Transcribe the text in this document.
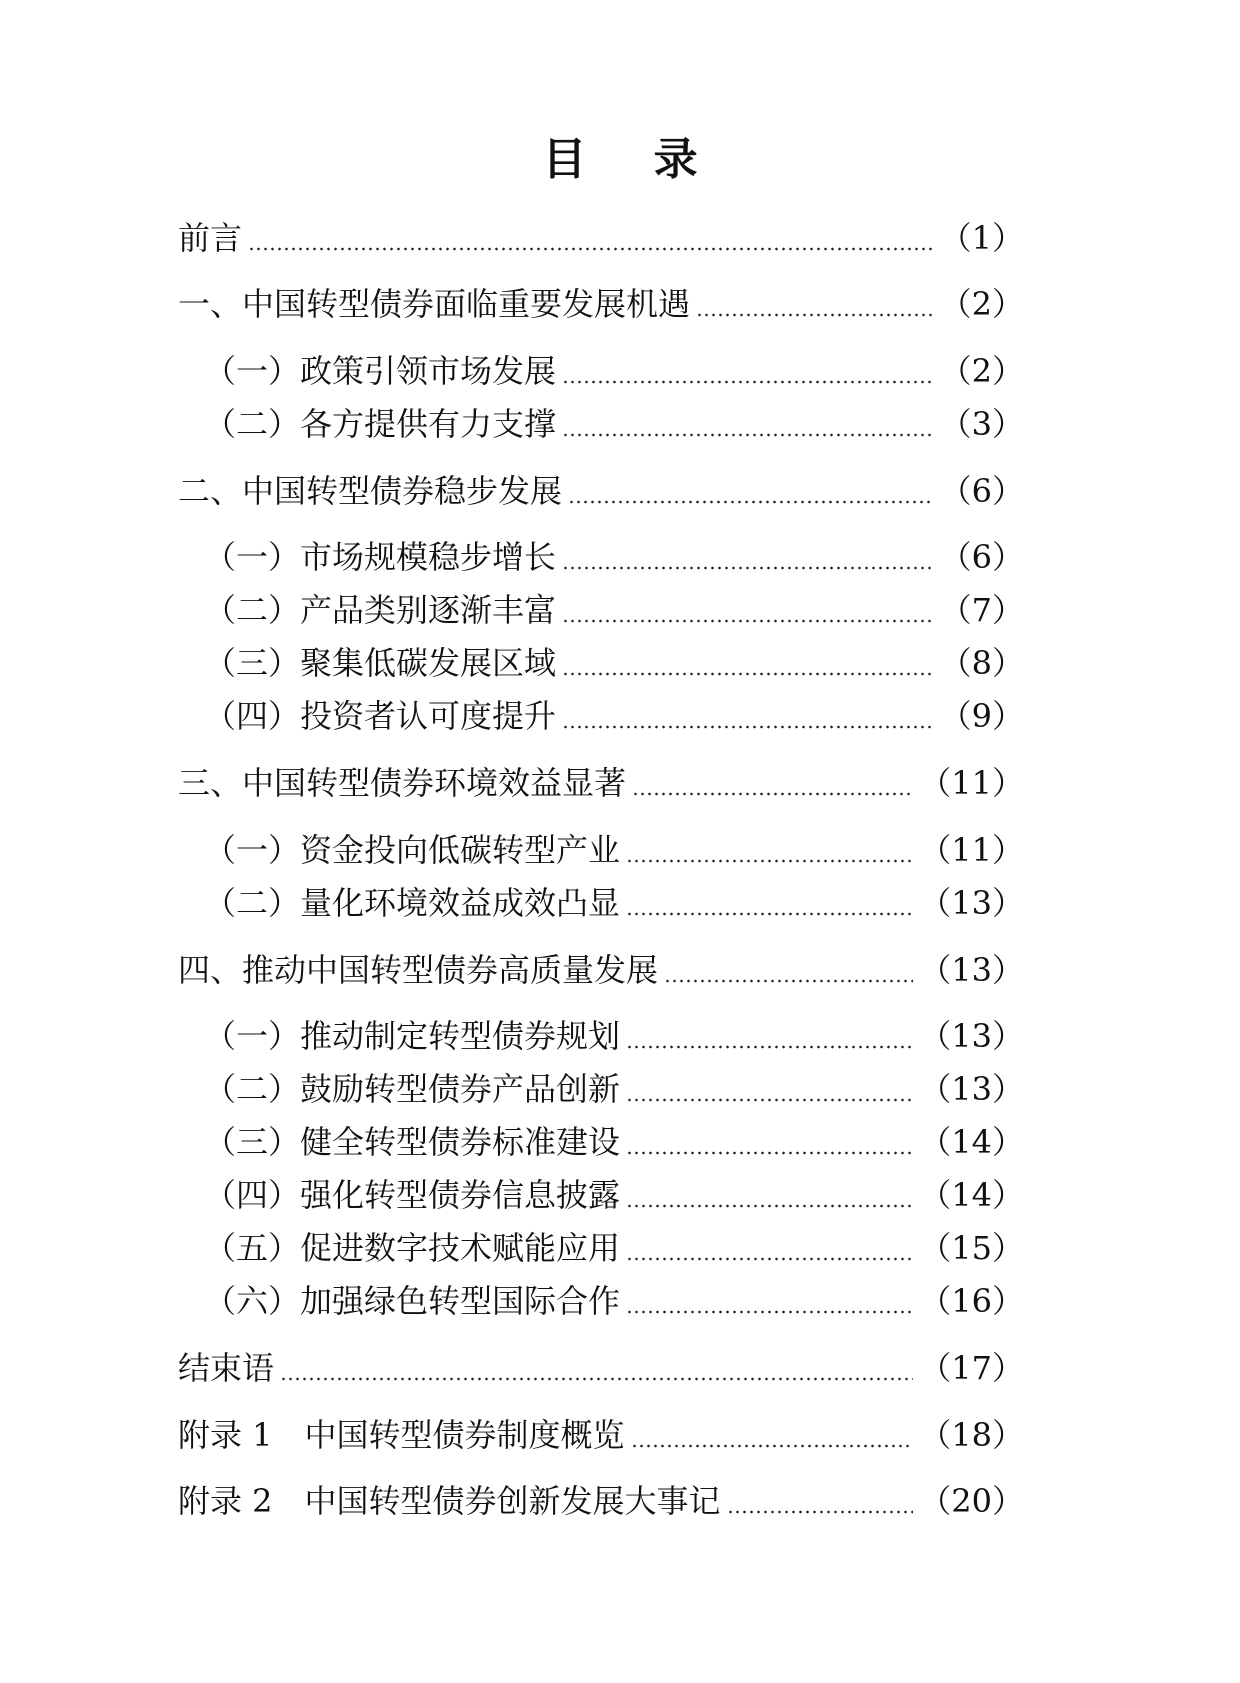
目 录
前言	（1）
一、中国转型债券面临重要发展机遇	（2）
（一）政策引领市场发展	（2）
（二）各方提供有力支撑	（3）
二、中国转型债券稳步发展	（6）
（一）市场规模稳步增长	（6）
（二）产品类别逐渐丰富	（7）
（三）聚集低碳发展区域	（8）
（四）投资者认可度提升	（9）
三、中国转型债券环境效益显著	（11）
（一）资金投向低碳转型产业	（11）
（二）量化环境效益成效凸显	（13）
四、推动中国转型债券高质量发展	（13）
（一）推动制定转型债券规划	（13）
（二）鼓励转型债券产品创新	（13）
（三）健全转型债券标准建设	（14）
（四）强化转型债券信息披露	（14）
（五）促进数字技术赋能应用	（15）
（六）加强绿色转型国际合作	（16）
结束语	（17）
附录 1　中国转型债券制度概览	（18）
附录 2　中国转型债券创新发展大事记	（20）
